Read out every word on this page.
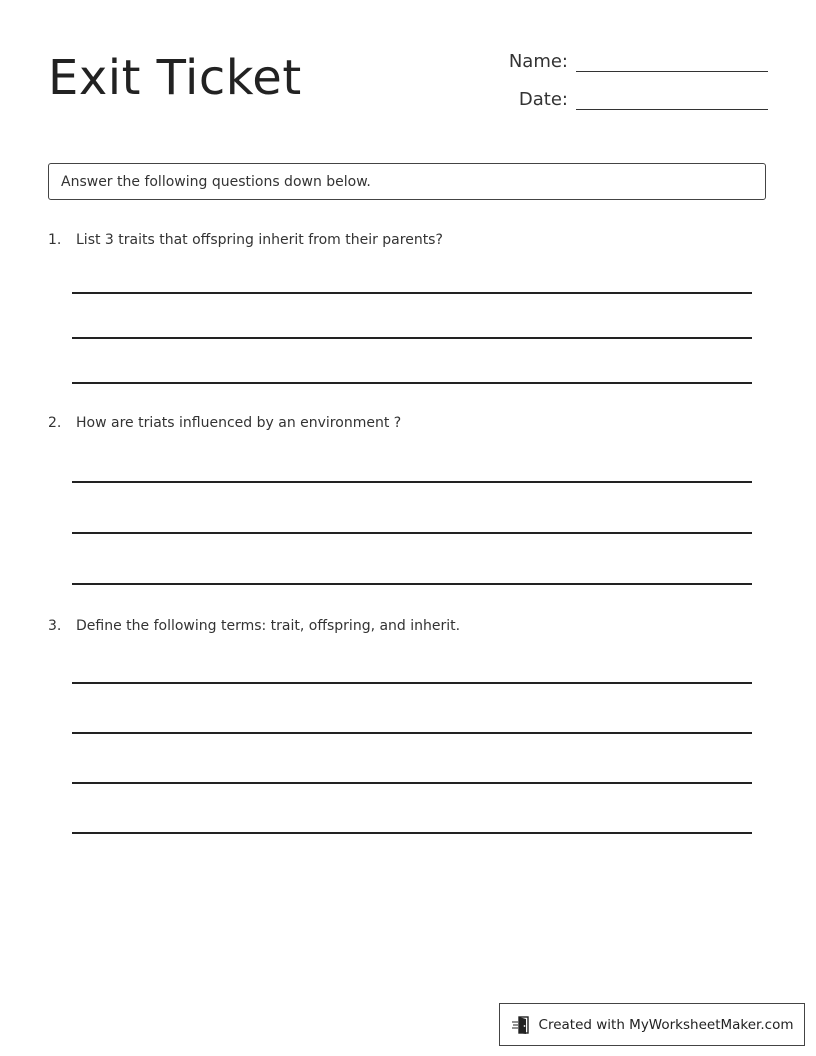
Exit Ticket	Name:
Date:
Answer the following questions down below.
1.	List 3 traits that offspring inherit from their parents?
2.	How are triats influenced by an environment ?
3.	Define the following terms: trait, offspring, and inherit.
Created with MyWorksheetMaker.com
